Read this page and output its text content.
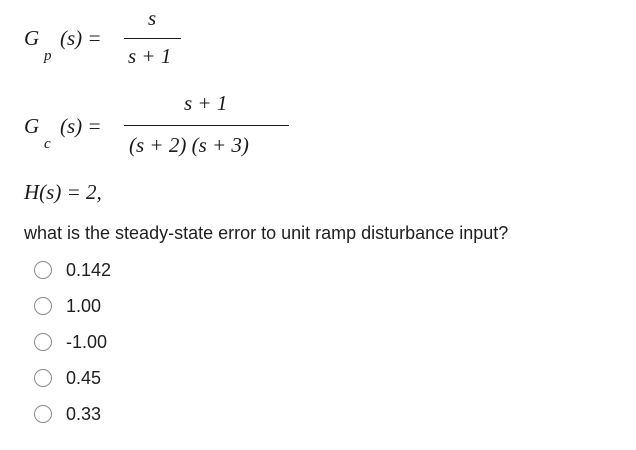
G
p
(s) =
s
s + 1
G
c
(s) =
s + 1
(s + 2) (s + 3)
H(s) = 2,
what is the steady-state error to unit ramp disturbance input?
0.142
1.00
-1.00
0.45
0.33
